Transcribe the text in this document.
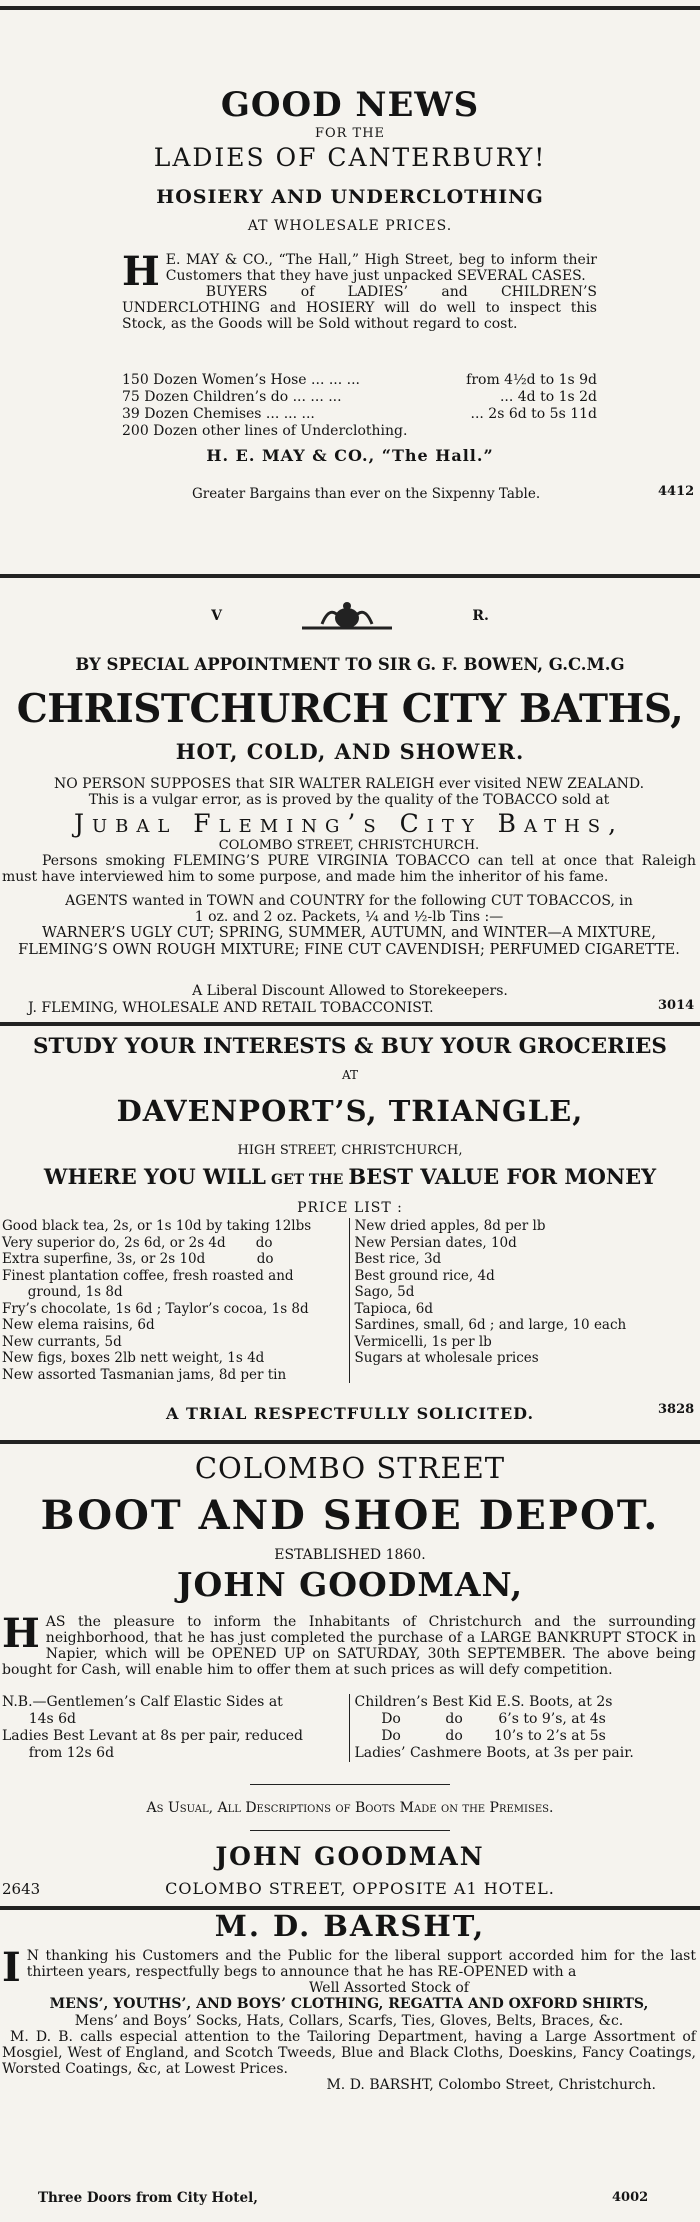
GOOD NEWS
FOR THE
LADIES OF CANTERBURY!
HOSIERY AND UNDERCLOTHING
AT WHOLESALE PRICES.
H E. MAY & CO., “The Hall,” High Street, beg to inform their Customers that they have just unpacked SEVERAL CASES.
BUYERS of LADIES’ and CHILDREN’S UNDERCLOTHING and HOSIERY will do well to inspect this Stock, as the Goods will be Sold without regard to cost.
150 Dozen Women’s Hose ... ... ...	from 4½d to 1s 9d
75 Dozen Children’s do ... ... ...	... 4d to 1s 2d
39 Dozen Chemises ... ... ...	... 2s 6d to 5s 11d
200 Dozen other lines of Underclothing.
H. E. MAY & CO., “The Hall.”
Greater Bargains than ever on the Sixpenny Table.	4412
V	R.
BY SPECIAL APPOINTMENT TO SIR G. F. BOWEN, G.C.M.G
CHRISTCHURCH CITY BATHS,
HOT, COLD, AND SHOWER.
NO PERSON SUPPOSES that SIR WALTER RALEIGH ever visited NEW ZEALAND.
This is a vulgar error, as is proved by the quality of the TOBACCO sold at
Jubal Fleming’s City Baths,
COLOMBO STREET, CHRISTCHURCH.
Persons smoking FLEMING’S PURE VIRGINIA TOBACCO can tell at once that Raleigh must have interviewed him to some purpose, and made him the inheritor of his fame.
AGENTS wanted in TOWN and COUNTRY for the following CUT TOBACCOS, in
1 oz. and 2 oz. Packets, ¼ and ½-lb Tins :—
WARNER’S UGLY CUT; SPRING, SUMMER, AUTUMN, and WINTER—A MIXTURE, FLEMING’S OWN ROUGH MIXTURE; FINE CUT CAVENDISH; PERFUMED CIGARETTE.
A Liberal Discount Allowed to Storekeepers.
J. FLEMING, WHOLESALE AND RETAIL TOBACCONIST.	3014
STUDY YOUR INTERESTS & BUY YOUR GROCERIES
AT
DAVENPORT’S, TRIANGLE,
HIGH STREET, CHRISTCHURCH,
WHERE YOU WILL GET THE BEST VALUE FOR MONEY
PRICE LIST :
Good black tea, 2s, or 1s 10d by taking 12lbs
Very superior do, 2s 6d, or 2s 4d       do
Extra superfine, 3s, or 2s 10d            do
Finest plantation coffee, fresh roasted and
ground, 1s 8d
Fry’s chocolate, 1s 6d ; Taylor’s cocoa, 1s 8d
New elema raisins, 6d
New currants, 5d
New figs, boxes 2lb nett weight, 1s 4d
New assorted Tasmanian jams, 8d per tin
New dried apples, 8d per lb
New Persian dates, 10d
Best rice, 3d
Best ground rice, 4d
Sago, 5d
Tapioca, 6d
Sardines, small, 6d ; and large, 10 each
Vermicelli, 1s per lb
Sugars at wholesale prices
A TRIAL RESPECTFULLY SOLICITED.	3828
COLOMBO STREET
BOOT AND SHOE DEPOT.
ESTABLISHED 1860.
JOHN GOODMAN,
H AS the pleasure to inform the Inhabitants of Christchurch and the surrounding neighborhood, that he has just completed the purchase of a LARGE BANKRUPT STOCK in Napier, which will be OPENED UP on SATURDAY, 30th SEPTEMBER. The above being bought for Cash, will enable him to offer them at such prices as will defy competition.
N.B.—Gentlemen’s Calf Elastic Sides at
14s 6d
Ladies Best Levant at 8s per pair, reduced
from 12s 6d
Children’s Best Kid E.S. Boots, at 2s
Do          do        6’s to 9’s, at 4s
Do          do       10’s to 2’s at 5s
Ladies’ Cashmere Boots, at 3s per pair.
As Usual, All Descriptions of Boots Made on the Premises.
JOHN GOODMAN
2643	COLOMBO STREET, OPPOSITE A1 HOTEL.
M. D. BARSHT,
I N thanking his Customers and the Public for the liberal support accorded him for the last thirteen years, respectfully begs to announce that he has RE-OPENED with a
Well Assorted Stock of
MENS’, YOUTHS’, AND BOYS’ CLOTHING, REGATTA AND OXFORD SHIRTS,
Mens’ and Boys’ Socks, Hats, Collars, Scarfs, Ties, Gloves, Belts, Braces, &c.
M. D. B. calls especial attention to the Tailoring Department, having a Large Assortment of Mosgiel, West of England, and Scotch Tweeds, Blue and Black Cloths, Doeskins, Fancy Coatings, Worsted Coatings, &c, at Lowest Prices.
M. D. BARSHT, Colombo Street, Christchurch.
Three Doors from City Hotel,	4002
